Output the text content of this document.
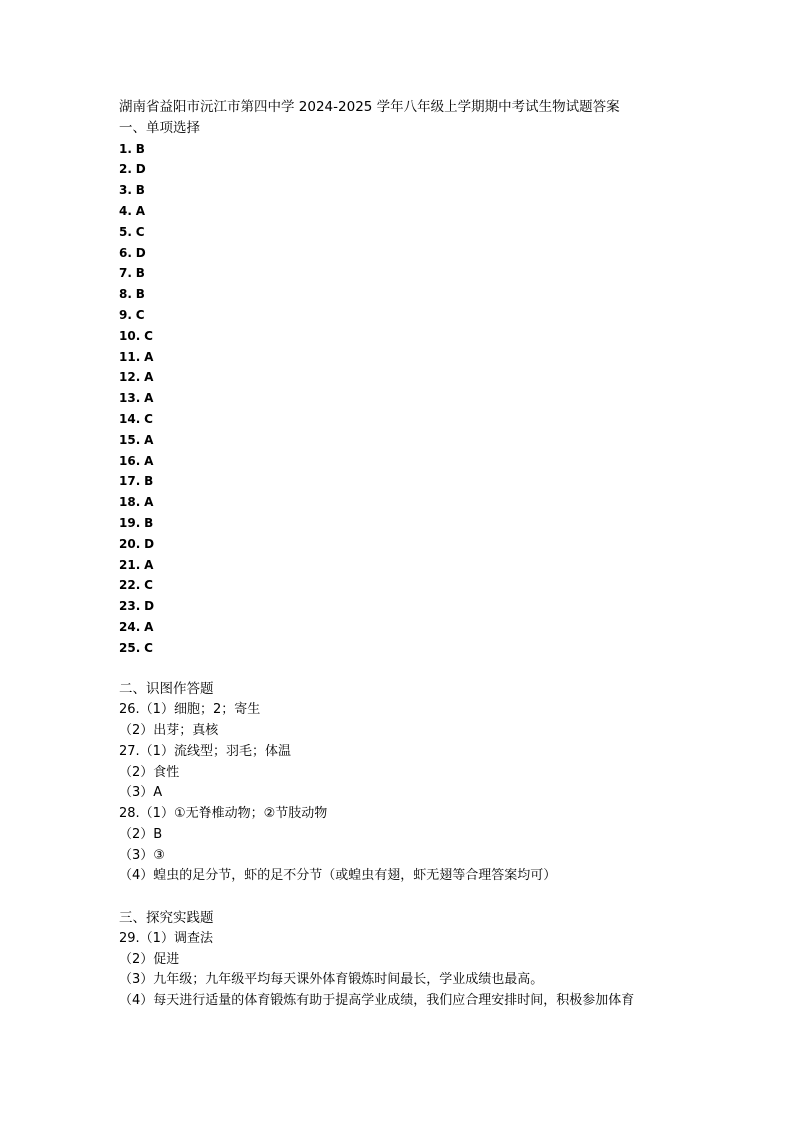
湖南省益阳市沅江市第四中学 2024-2025 学年八年级上学期期中考试生物试题答案
一、单项选择
1. B
2. D
3. B
4. A
5. C
6. D
7. B
8. B
9. C
10. C
11. A
12. A
13. A
14. C
15. A
16. A
17. B
18. A
19. B
20. D
21. A
22. C
23. D
24. A
25. C
二、识图作答题
26.（1）细胞；2；寄生
（2）出芽；真核
27.（1）流线型；羽毛；体温
（2）食性
（3）A
28.（1）①无脊椎动物；②节肢动物
（2）B
（3）③
（4）蝗虫的足分节，虾的足不分节（或蝗虫有翅，虾无翅等合理答案均可）
三、探究实践题
29.（1）调查法
（2）促进
（3）九年级；九年级平均每天课外体育锻炼时间最长，学业成绩也最高。
（4）每天进行适量的体育锻炼有助于提高学业成绩，我们应合理安排时间，积极参加体育
